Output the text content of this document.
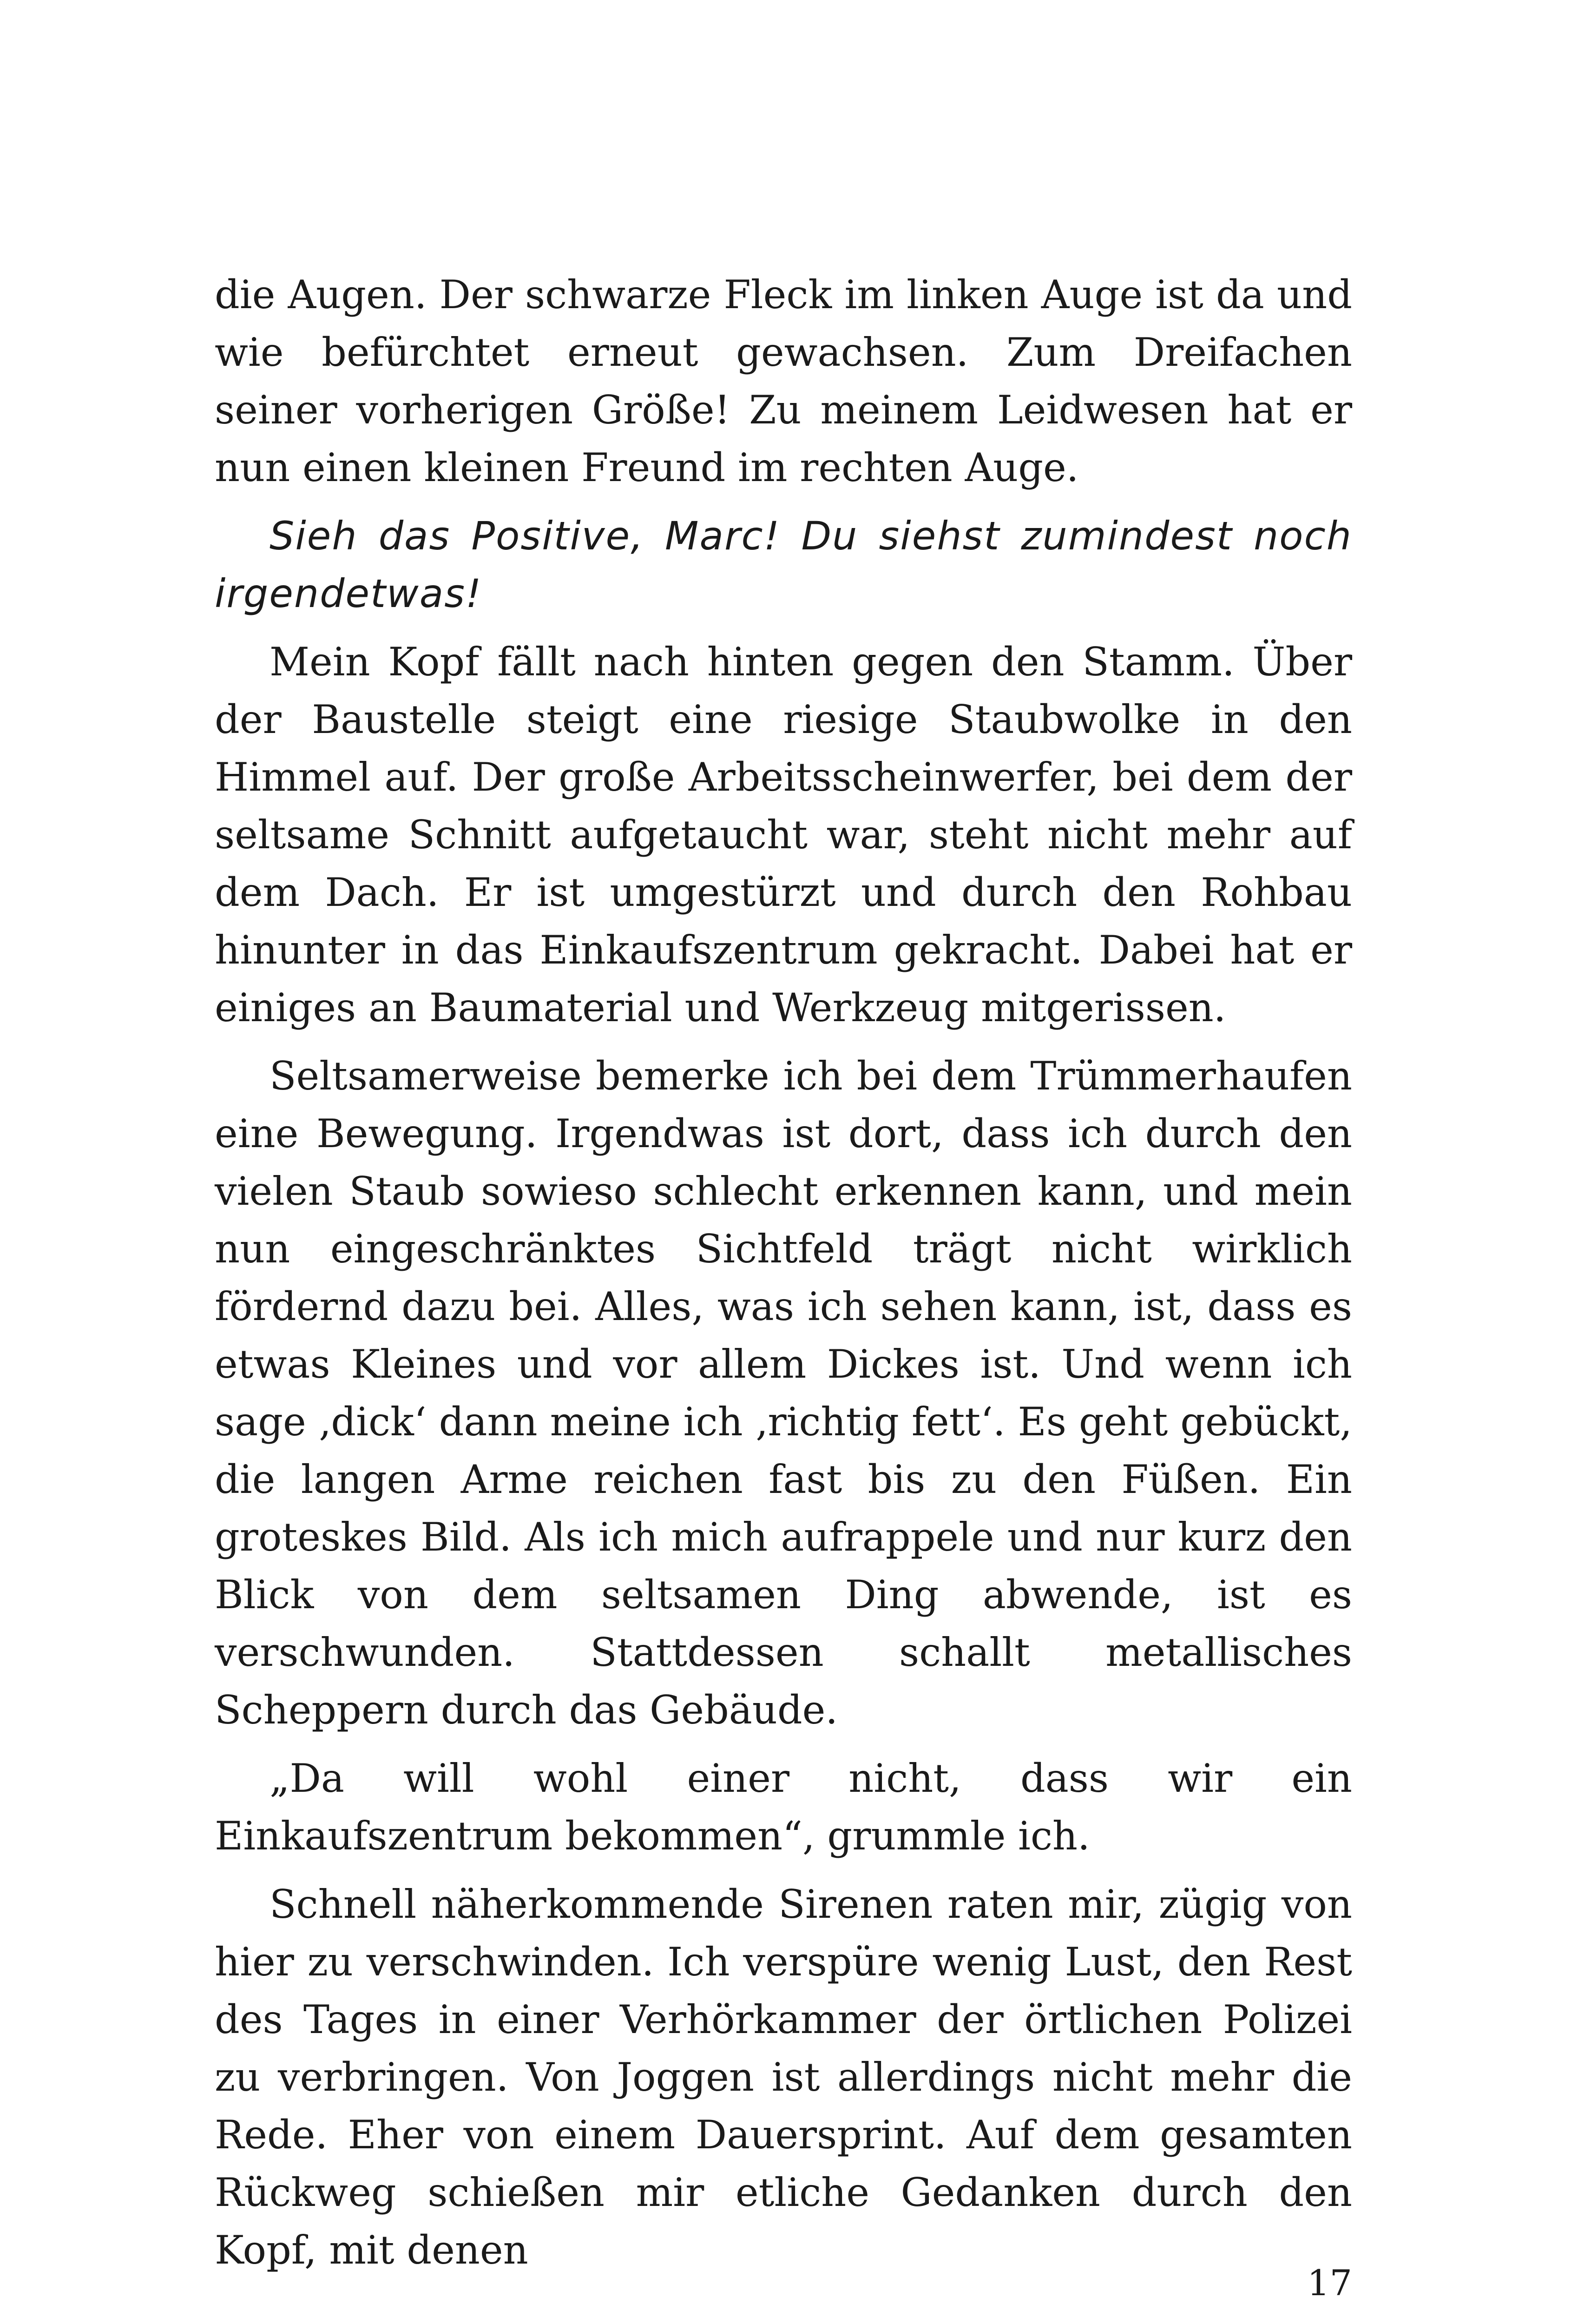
die Augen. Der schwarze Fleck im linken Auge ist da und wie befürchtet erneut gewachsen. Zum Dreifachen seiner vorherigen Größe! Zu meinem Leidwesen hat er nun einen kleinen Freund im rechten Auge.

Sieh das Positive, Marc! Du siehst zumindest noch irgendetwas!

Mein Kopf fällt nach hinten gegen den Stamm. Über der Baustelle steigt eine riesige Staubwolke in den Himmel auf. Der große Arbeitsscheinwerfer, bei dem der seltsame Schnitt aufgetaucht war, steht nicht mehr auf dem Dach. Er ist umgestürzt und durch den Rohbau hinunter in das Einkaufszentrum gekracht. Dabei hat er einiges an Baumaterial und Werkzeug mitgerissen.

Seltsamerweise bemerke ich bei dem Trümmerhaufen eine Bewegung. Irgendwas ist dort, dass ich durch den vielen Staub sowieso schlecht erkennen kann, und mein nun eingeschränktes Sichtfeld trägt nicht wirklich fördernd dazu bei. Alles, was ich sehen kann, ist, dass es etwas Kleines und vor allem Dickes ist. Und wenn ich sage ‚dick‘ dann meine ich ‚richtig fett‘. Es geht gebückt, die langen Arme reichen fast bis zu den Füßen. Ein groteskes Bild. Als ich mich aufrappele und nur kurz den Blick von dem seltsamen Ding abwende, ist es verschwunden. Stattdessen schallt metallisches Scheppern durch das Gebäude.

„Da will wohl einer nicht, dass wir ein Einkaufszentrum bekommen“, grummle ich.

Schnell näherkommende Sirenen raten mir, zügig von hier zu verschwinden. Ich verspüre wenig Lust, den Rest des Tages in einer Verhörkammer der örtlichen Polizei zu verbringen. Von Joggen ist allerdings nicht mehr die Rede. Eher von einem Dauersprint. Auf dem gesamten Rückweg schießen mir etliche Gedanken durch den Kopf, mit denen

17
